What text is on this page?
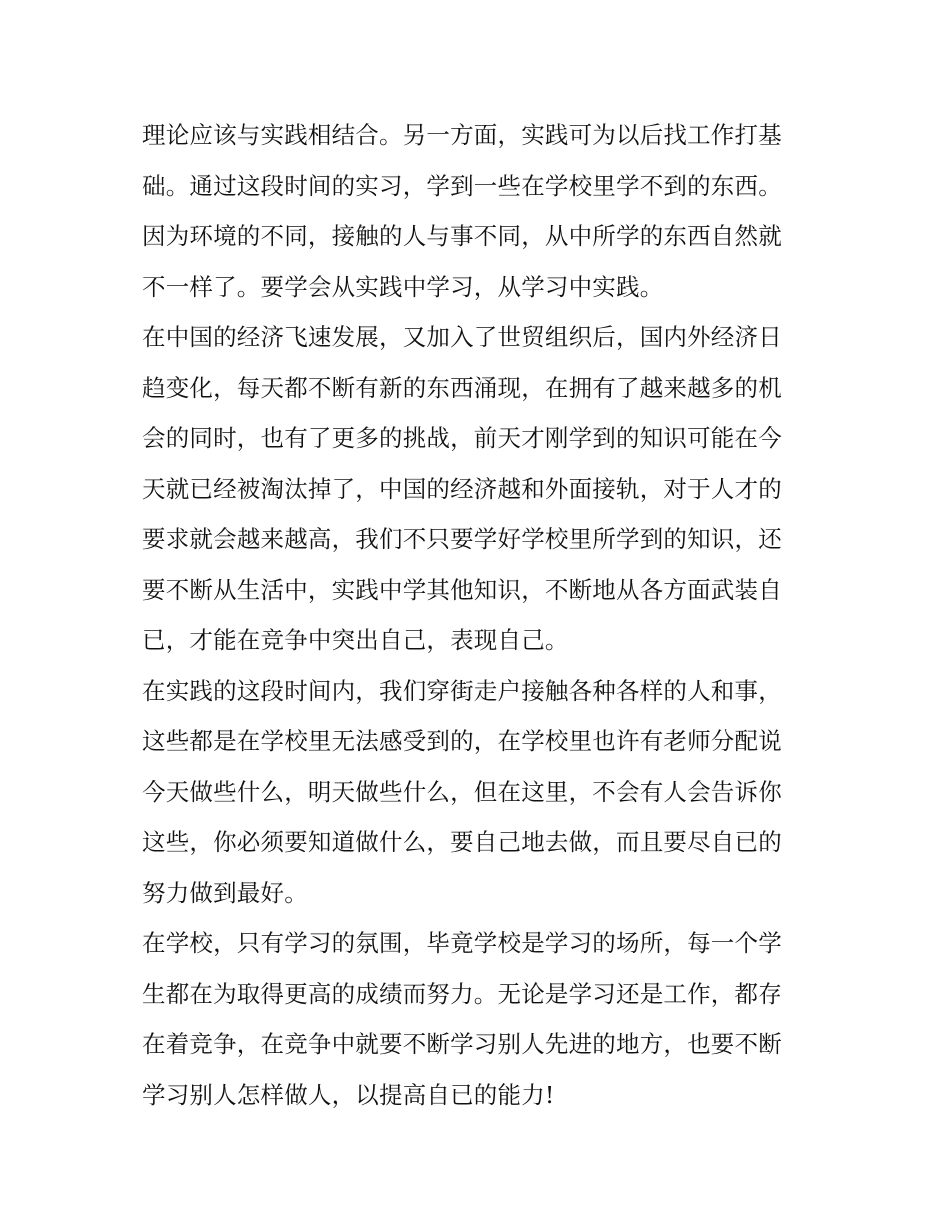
理论应该与实践相结合。另一方面，实践可为以后找工作打基
础。通过这段时间的实习，学到一些在学校里学不到的东西。
因为环境的不同，接触的人与事不同，从中所学的东西自然就
不一样了。要学会从实践中学习，从学习中实践。
在中国的经济飞速发展，又加入了世贸组织后，国内外经济日
趋变化，每天都不断有新的东西涌现，在拥有了越来越多的机
会的同时，也有了更多的挑战，前天才刚学到的知识可能在今
天就已经被淘汰掉了，中国的经济越和外面接轨，对于人才的
要求就会越来越高，我们不只要学好学校里所学到的知识，还
要不断从生活中，实践中学其他知识，不断地从各方面武装自
已，才能在竞争中突出自己，表现自己。
在实践的这段时间内，我们穿街走户接触各种各样的人和事，
这些都是在学校里无法感受到的，在学校里也许有老师分配说
今天做些什么，明天做些什么，但在这里，不会有人会告诉你
这些，你必须要知道做什么，要自己地去做，而且要尽自已的
努力做到最好。
在学校，只有学习的氛围，毕竟学校是学习的场所，每一个学
生都在为取得更高的成绩而努力。无论是学习还是工作，都存
在着竞争，在竞争中就要不断学习别人先进的地方，也要不断
学习别人怎样做人，以提高自已的能力!
